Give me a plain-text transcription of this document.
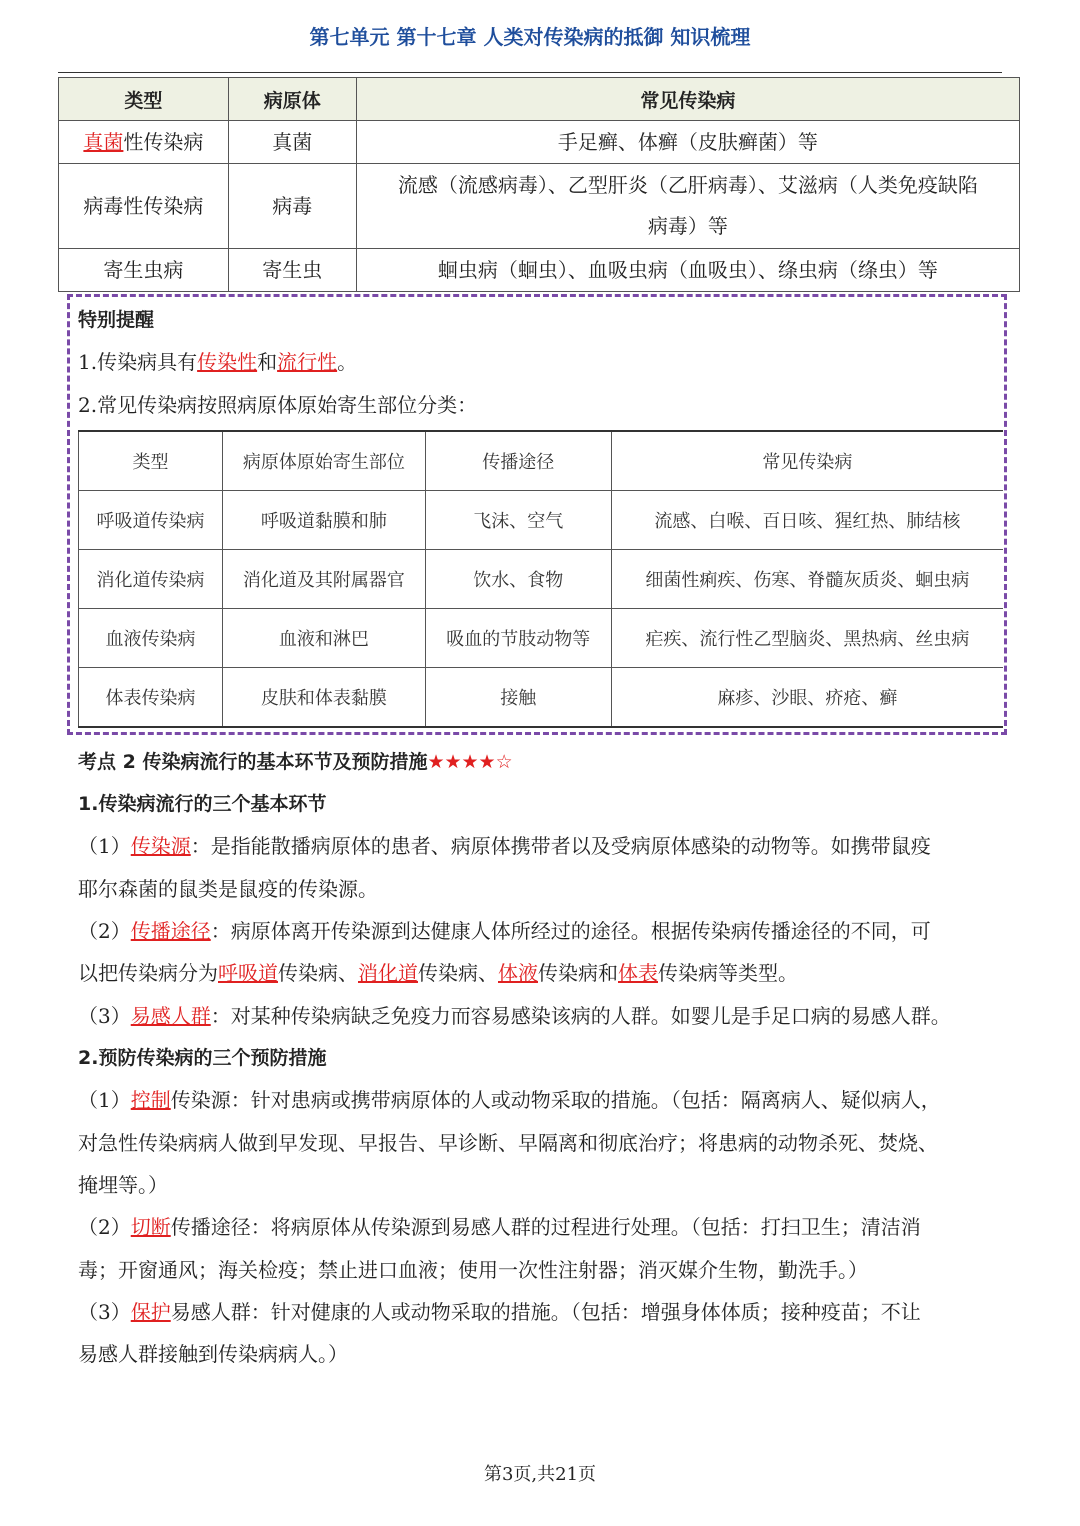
第七单元 第十七章 人类对传染病的抵御 知识梳理
类型	病原体	常见传染病
真菌性传染病	真菌	手足癣、体癣（皮肤癣菌）等
病毒性传染病	病毒	流感（流感病毒）、乙型肝炎（乙肝病毒）、艾滋病（人类免疫缺陷
病毒）等

寄生虫病	寄生虫	蛔虫病（蛔虫）、血吸虫病（血吸虫）、绦虫病（绦虫）等
特别提醒
1.传染病具有传染性和流行性。
2.常见传染病按照病原体原始寄生部位分类：
类型	病原体原始寄生部位	传播途径	常见传染病
呼吸道传染病	呼吸道黏膜和肺	飞沫、空气	流感、白喉、百日咳、猩红热、肺结核
消化道传染病	消化道及其附属器官	饮水、食物	细菌性痢疾、伤寒、脊髓灰质炎、蛔虫病
血液传染病	血液和淋巴	吸血的节肢动物等	疟疾、流行性乙型脑炎、黑热病、丝虫病
体表传染病	皮肤和体表黏膜	接触	麻疹、沙眼、疥疮、癣
考点 2 传染病流行的基本环节及预防措施★★★★☆
1.传染病流行的三个基本环节
（1）传染源：是指能散播病原体的患者、病原体携带者以及受病原体感染的动物等。如携带鼠疫
耶尔森菌的鼠类是鼠疫的传染源。
（2）传播途径：病原体离开传染源到达健康人体所经过的途径。根据传染病传播途径的不同，可
以把传染病分为呼吸道传染病、消化道传染病、体液传染病和体表传染病等类型。
（3）易感人群：对某种传染病缺乏免疫力而容易感染该病的人群。如婴儿是手足口病的易感人群。
2.预防传染病的三个预防措施
（1）控制传染源：针对患病或携带病原体的人或动物采取的措施。（包括：隔离病人、疑似病人，
对急性传染病病人做到早发现、早报告、早诊断、早隔离和彻底治疗；将患病的动物杀死、焚烧、
掩埋等。）
（2）切断传播途径：将病原体从传染源到易感人群的过程进行处理。（包括：打扫卫生；清洁消
毒；开窗通风；海关检疫；禁止进口血液；使用一次性注射器；消灭媒介生物，勤洗手。）
（3）保护易感人群：针对健康的人或动物采取的措施。（包括：增强身体体质；接种疫苗；不让
易感人群接触到传染病病人。）
第3页,共21页
